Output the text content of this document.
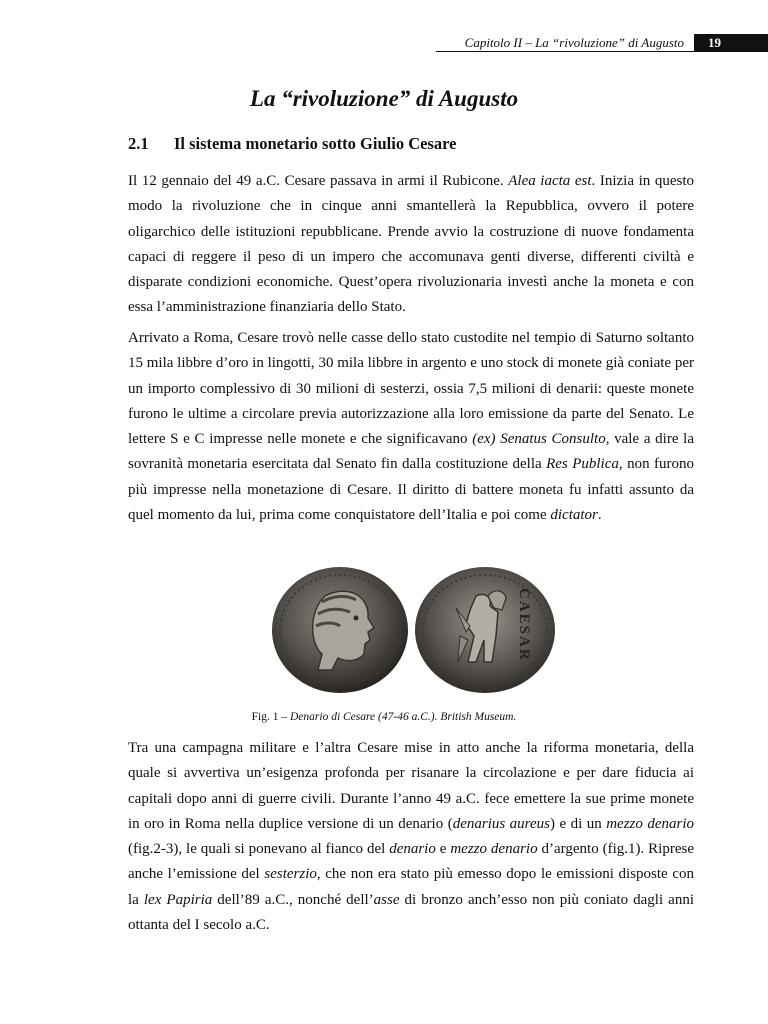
Capitolo II – La “rivoluzione” di Augusto	19
La “rivoluzione” di Augusto
2.1 Il sistema monetario sotto Giulio Cesare

Il 12 gennaio del 49 a.C. Cesare passava in armi il Rubicone. Alea iacta est. Inizia in questo modo la rivoluzione che in cinque anni smantellerà la Repubblica, ovvero il potere oligarchico delle istituzioni repubblicane. Prende avvio la costruzione di nuove fondamenta capaci di reggere il peso di un impero che accomunava genti diverse, differenti civiltà e disparate condizioni economiche. Quest’opera rivoluzionaria investì anche la moneta e con essa l’amministrazione finanziaria dello Stato.

Arrivato a Roma, Cesare trovò nelle casse dello stato custodite nel tempio di Saturno soltanto 15 mila libbre d’oro in lingotti, 30 mila libbre in argento e uno stock di monete già coniate per un importo complessivo di 30 milioni di sesterzi, ossia 7,5 milioni di denarii: queste monete furono le ultime a circolare previa autorizzazione alla loro emissione da parte del Senato. Le lettere S e C impresse nelle monete e che significavano (ex) Senatus Consulto, vale a dire la sovranità monetaria esercitata dal Senato fin dalla costituzione della Res Publica, non furono più impresse nella monetazione di Cesare. Il diritto di battere moneta fu infatti assunto da quel momento da lui, prima come conquistatore dell’Italia e poi come dictator.

CAESAR
Fig. 1 – Denario di Cesare (47-46 a.C.). British Museum.

Tra una campagna militare e l’altra Cesare mise in atto anche la riforma monetaria, della quale si avvertiva un’esigenza profonda per risanare la circolazione e per dare fiducia ai capitali dopo anni di guerre civili. Durante l’anno 49 a.C. fece emettere la sue prime monete in oro in Roma nella duplice versione di un denario (denarius aureus) e di un mezzo denario (fig.2-3), le quali si ponevano al fianco del denario e mezzo denario d’argento (fig.1). Riprese anche l’emissione del sesterzio, che non era stato più emesso dopo le emissioni disposte con la lex Papiria dell’89 a.C., nonché dell’asse di bronzo anch’esso non più coniato dagli anni ottanta del I secolo a.C.
